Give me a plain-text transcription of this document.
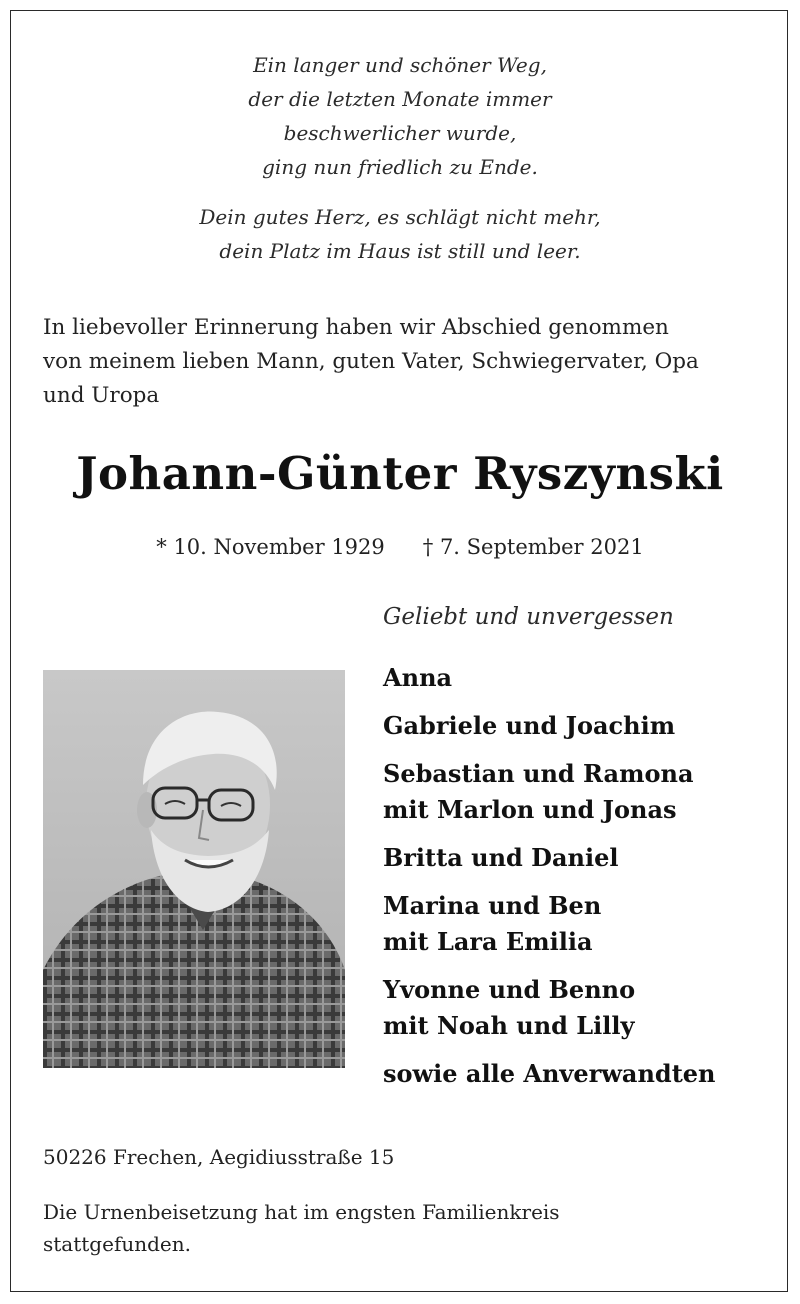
Ein langer und schöner Weg,
der die letzten Monate immer
beschwerlicher wurde,
ging nun friedlich zu Ende.
Dein gutes Herz, es schlägt nicht mehr,
dein Platz im Haus ist still und leer.
In liebevoller Erinnerung haben wir Abschied genommen
von meinem lieben Mann, guten Vater, Schwiegervater, Opa
und Uropa
Johann-Günter Ryszynski
* 10. November 1929 † 7. September 2021
Geliebt und unvergessen
Anna
Gabriele und Joachim
Sebastian und Ramona
mit Marlon und Jonas
Britta und Daniel
Marina und Ben
mit Lara Emilia
Yvonne und Benno
mit Noah und Lilly
sowie alle Anverwandten
50226 Frechen, Aegidiusstraße 15
Die Urnenbeisetzung hat im engsten Familienkreis
stattgefunden.
